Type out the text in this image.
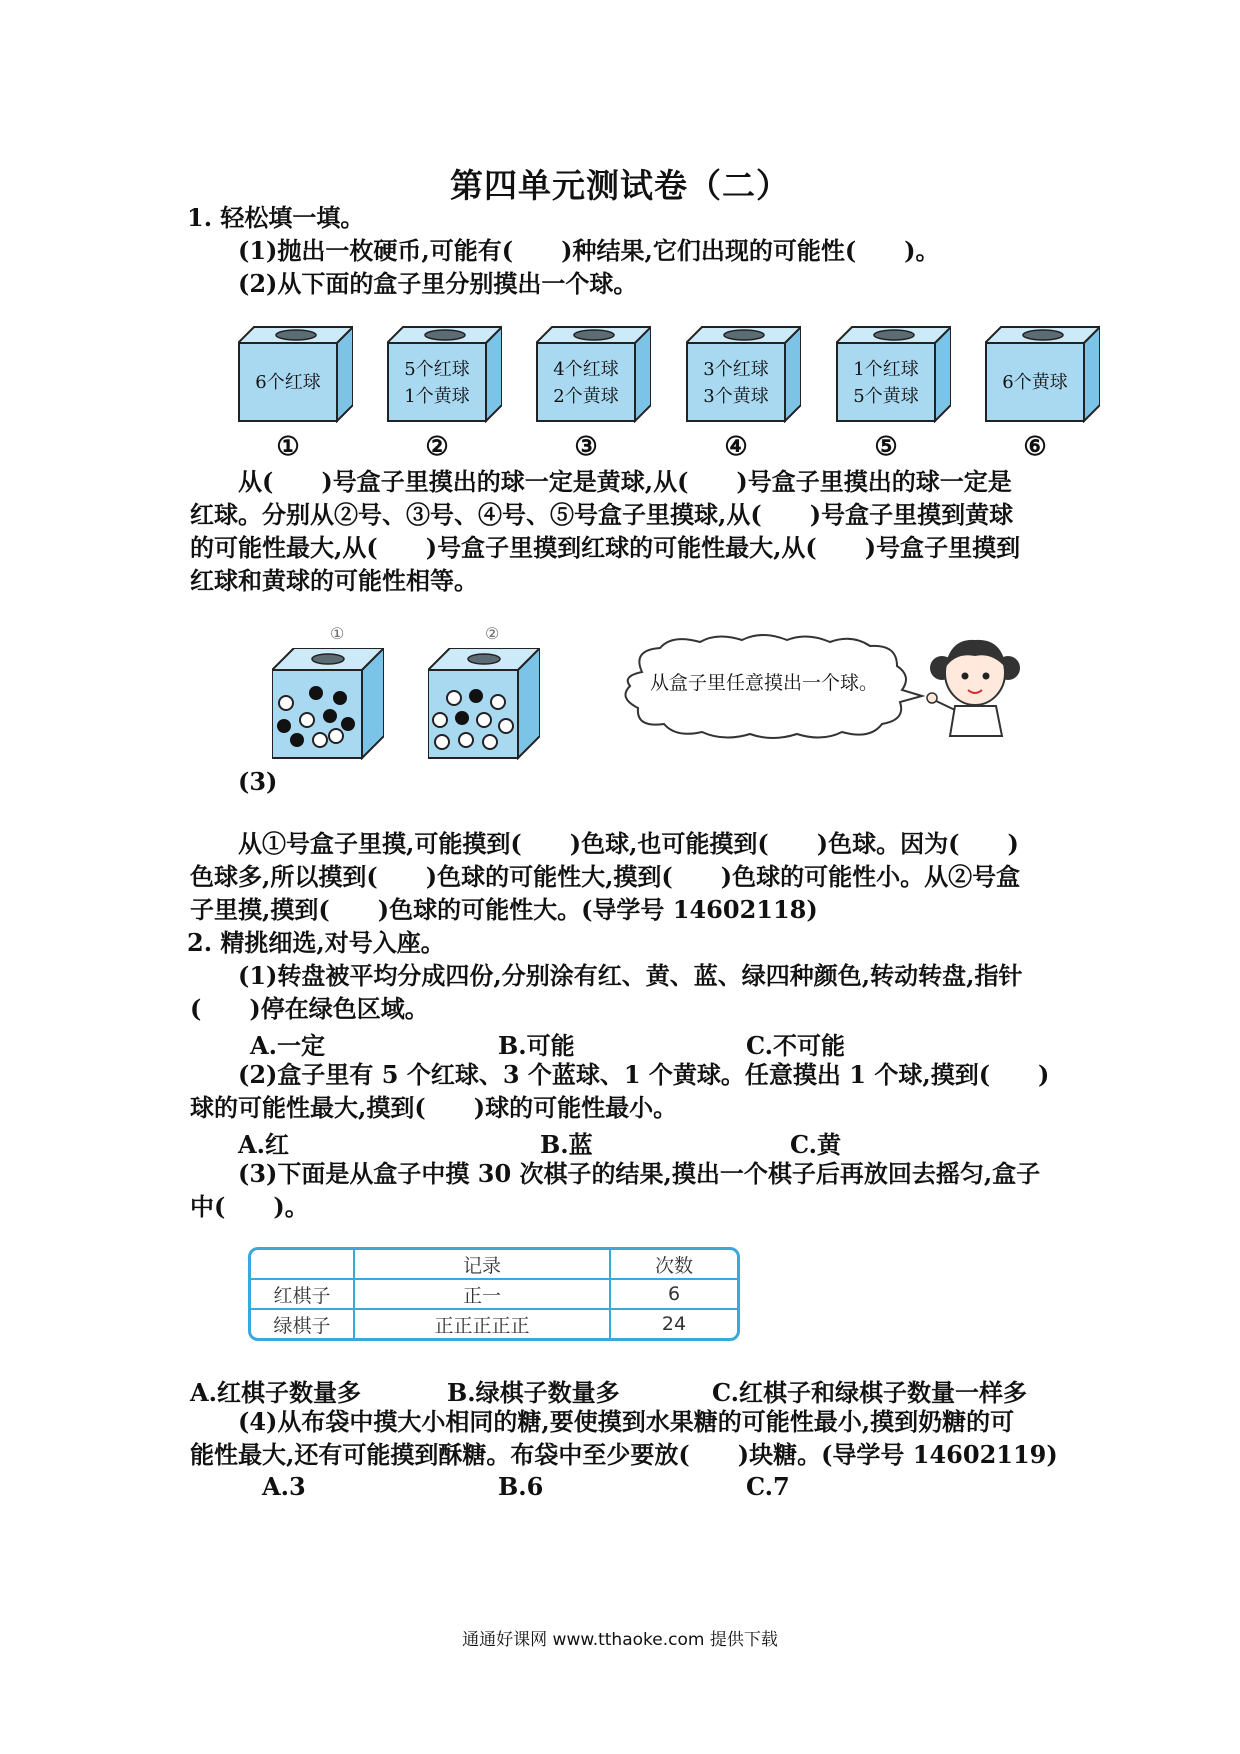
第四单元测试卷（二）
1. 轻松填一填。
(1)抛出一枚硬币,可能有(　　)种结果,它们出现的可能性(　　)。
(2)从下面的盒子里分别摸出一个球。
6个红球
①
5个红球
1个黄球
②
4个红球
2个黄球
③
3个红球
3个黄球
④
1个红球
5个黄球
⑤
6个黄球
⑥
从(　　)号盒子里摸出的球一定是黄球,从(　　)号盒子里摸出的球一定是
红球。分别从②号、③号、④号、⑤号盒子里摸球,从(　　)号盒子里摸到黄球
的可能性最大,从(　　)号盒子里摸到红球的可能性最大,从(　　)号盒子里摸到
红球和黄球的可能性相等。
①	②
从盒子里任意摸出一个球。
(3)
从①号盒子里摸,可能摸到(　　)色球,也可能摸到(　　)色球。因为(　　)
色球多,所以摸到(　　)色球的可能性大,摸到(　　)色球的可能性小。从②号盒
子里摸,摸到(　　)色球的可能性大。(导学号 14602118)
2. 精挑细选,对号入座。
(1)转盘被平均分成四份,分别涂有红、黄、蓝、绿四种颜色,转动转盘,指针
(　　)停在绿色区域。
A.一定	B.可能	C.不可能
(2)盒子里有 5 个红球、3 个蓝球、1 个黄球。任意摸出 1 个球,摸到(　　)
球的可能性最大,摸到(　　)球的可能性最小。
A.红	B.蓝	C.黄
(3)下面是从盒子中摸 30 次棋子的结果,摸出一个棋子后再放回去摇匀,盒子
中(　　)。
	记录	次数
红棋子	正一	6
绿棋子	正正正正正	24
A.红棋子数量多	B.绿棋子数量多	C.红棋子和绿棋子数量一样多
(4)从布袋中摸大小相同的糖,要使摸到水果糖的可能性最小,摸到奶糖的可
能性最大,还有可能摸到酥糖。布袋中至少要放(　　)块糖。(导学号 14602119)
A.3	B.6	C.7
通通好课网 www.tthaoke.com 提供下载
